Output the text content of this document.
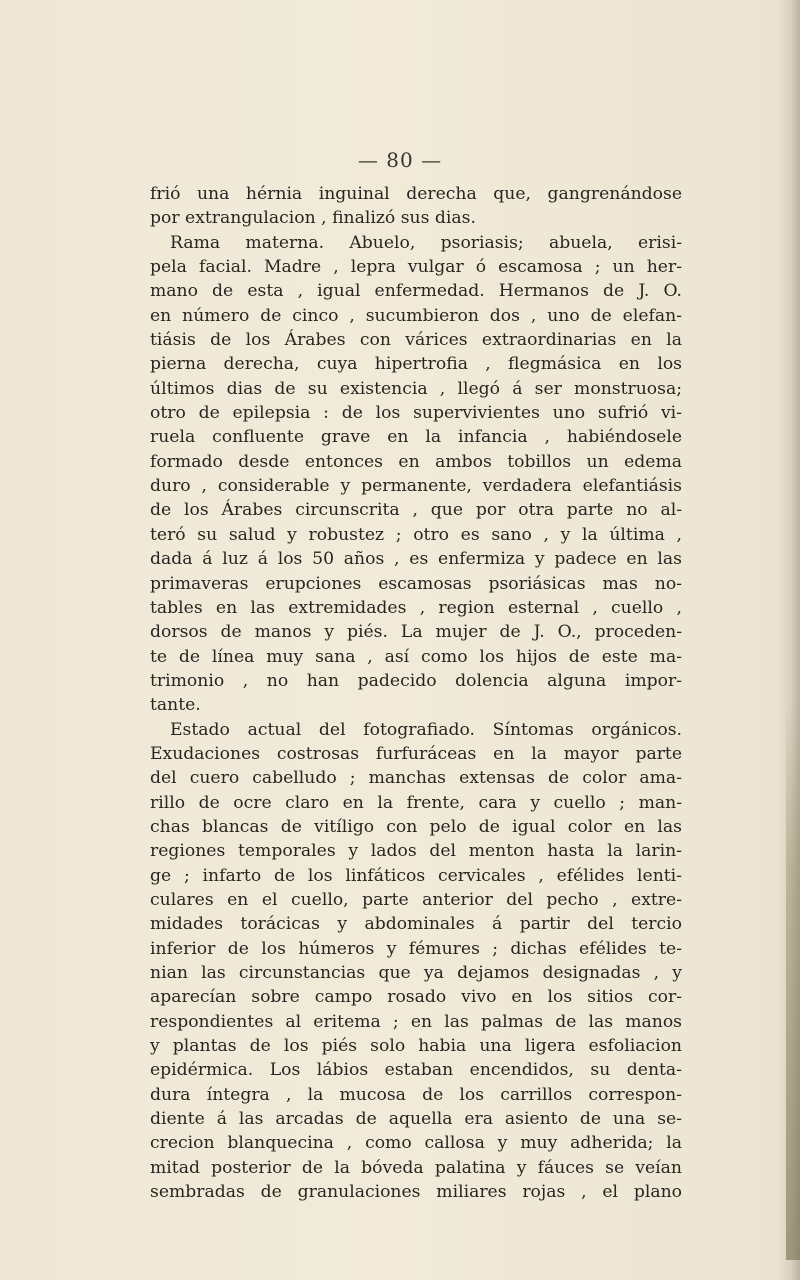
— 80 —
frió una hérnia inguinal derecha que, gangrenándose
por extrangulacion , finalizó sus dias.
Rama materna. Abuelo, psoriasis; abuela, erisi-
pela facial. Madre , lepra vulgar ó escamosa ; un her-
mano de esta , igual enfermedad. Hermanos de J. O.
en número de cinco , sucumbieron dos , uno de elefan-
tiásis de los Árabes con várices extraordinarias en la
pierna derecha, cuya hipertrofia , flegmásica en los
últimos dias de su existencia , llegó á ser monstruosa;
otro de epilepsia : de los supervivientes uno sufrió vi-
ruela confluente grave en la infancia , habiéndosele
formado desde entonces en ambos tobillos un edema
duro , considerable y permanente, verdadera elefantiásis
de los Árabes circunscrita , que por otra parte no al-
teró su salud y robustez ; otro es sano , y la última ,
dada á luz á los 50 años , es enfermiza y padece en las
primaveras erupciones escamosas psoriásicas mas no-
tables en las extremidades , region esternal , cuello ,
dorsos de manos y piés. La mujer de J. O., proceden-
te de línea muy sana , así como los hijos de este ma-
trimonio , no han padecido dolencia alguna impor-
tante.
Estado actual del fotografiado. Síntomas orgánicos.
Exudaciones costrosas furfuráceas en la mayor parte
del cuero cabelludo ; manchas extensas de color ama-
rillo de ocre claro en la frente, cara y cuello ; man-
chas blancas de vitíligo con pelo de igual color en las
regiones temporales y lados del menton hasta la larin-
ge ; infarto de los linfáticos cervicales , efélides lenti-
culares en el cuello, parte anterior del pecho , extre-
midades torácicas y abdominales á partir del tercio
inferior de los húmeros y fémures ; dichas efélides te-
nian las circunstancias que ya dejamos designadas , y
aparecían sobre campo rosado vivo en los sitios cor-
respondientes al eritema ; en las palmas de las manos
y plantas de los piés solo habia una ligera esfoliacion
epidérmica. Los lábios estaban encendidos, su denta-
dura íntegra , la mucosa de los carrillos correspon-
diente á las arcadas de aquella era asiento de una se-
crecion blanquecina , como callosa y muy adherida; la
mitad posterior de la bóveda palatina y fáuces se veían
sembradas de granulaciones miliares rojas , el plano
